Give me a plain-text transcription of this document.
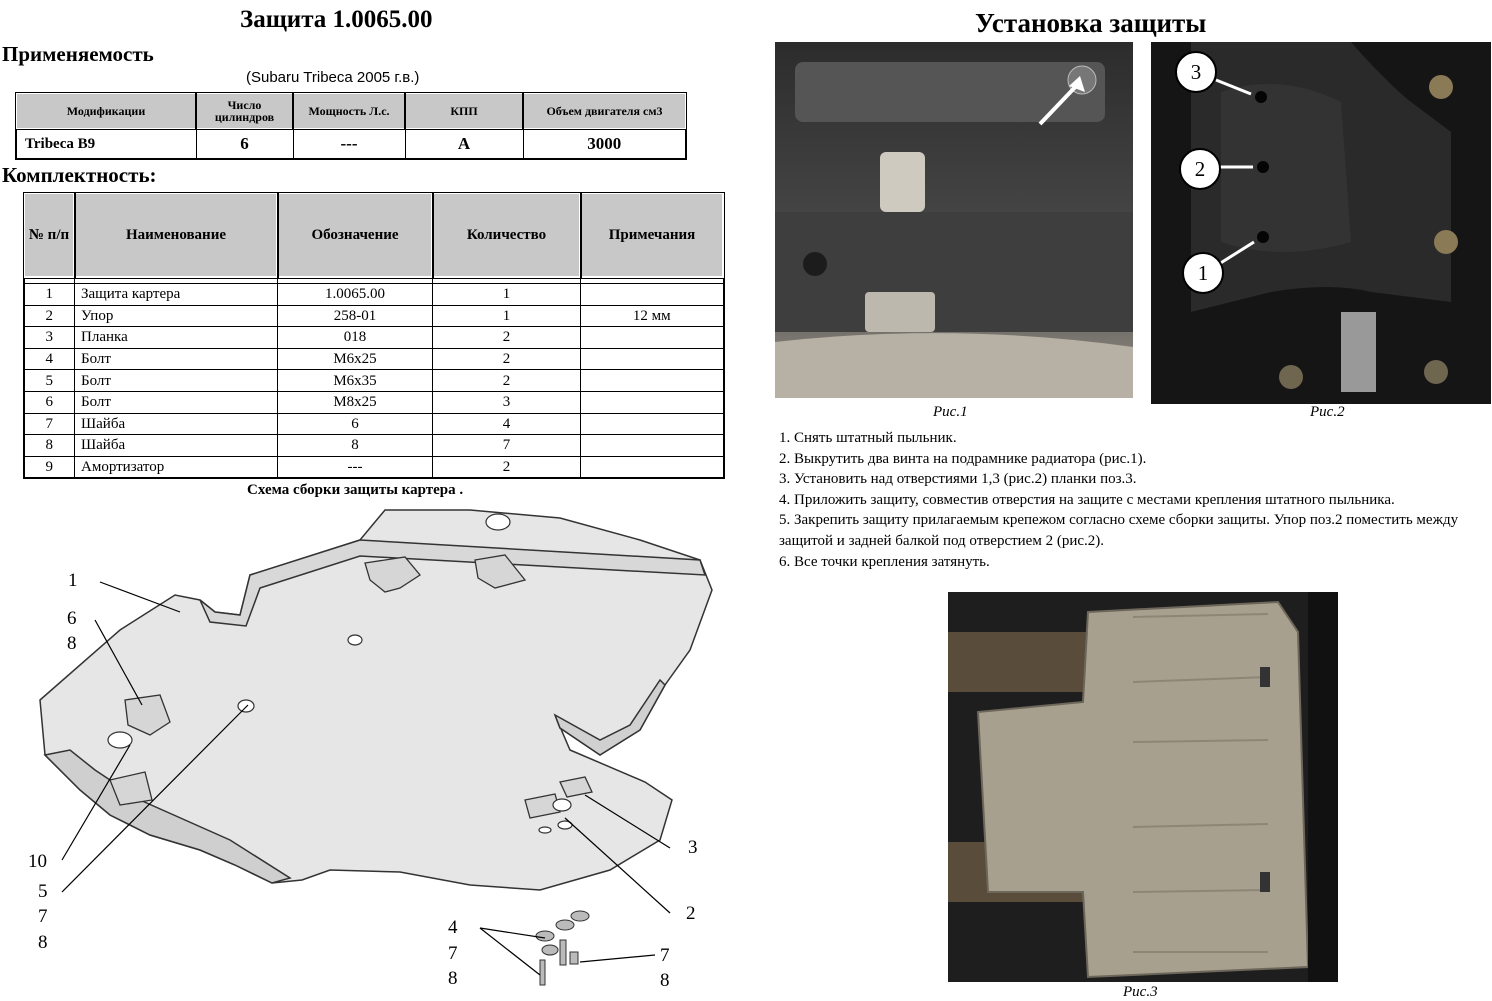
Защита 1.0065.00	Установка защиты
Применяемость
(Subaru Tribeca 2005 г.в.)
Модификации	Число цилиндров	Мощность Л.с.	КПП	Объем двигателя см3
Tribeca B9	6	---	A	3000
Комплектность:
№ п/п	Наименование	Обозначение	Количество	Примечания

1	Защита картера	1.0065.00	1	
2	Упор	258-01	1	12 мм
3	Планка	018	2	
4	Болт	М6х25	2	
5	Болт	М6х35	2	
6	Болт	М8х25	3	
7	Шайба	6	4	
8	Шайба	8	7	
9	Амортизатор	---	2	
Схема сборки защиты картера .
1
6
8
10
5
7
8
3
2
4
7
8
7
8
Рис.1
3
2
1
Рис.2
1. Снять штатный пыльник.
2. Выкрутить два винта на подрамнике радиатора (рис.1).
3. Установить над отверстиями 1,3 (рис.2) планки поз.3.
4. Приложить защиту, совместив отверстия на защите с местами крепления штатного пыльника.
5. Закрепить защиту прилагаемым крепежом согласно схеме сборки защиты. Упор поз.2 поместить между защитой и задней балкой под отверстием 2 (рис.2).
6. Все точки крепления затянуть.
Рис.3
